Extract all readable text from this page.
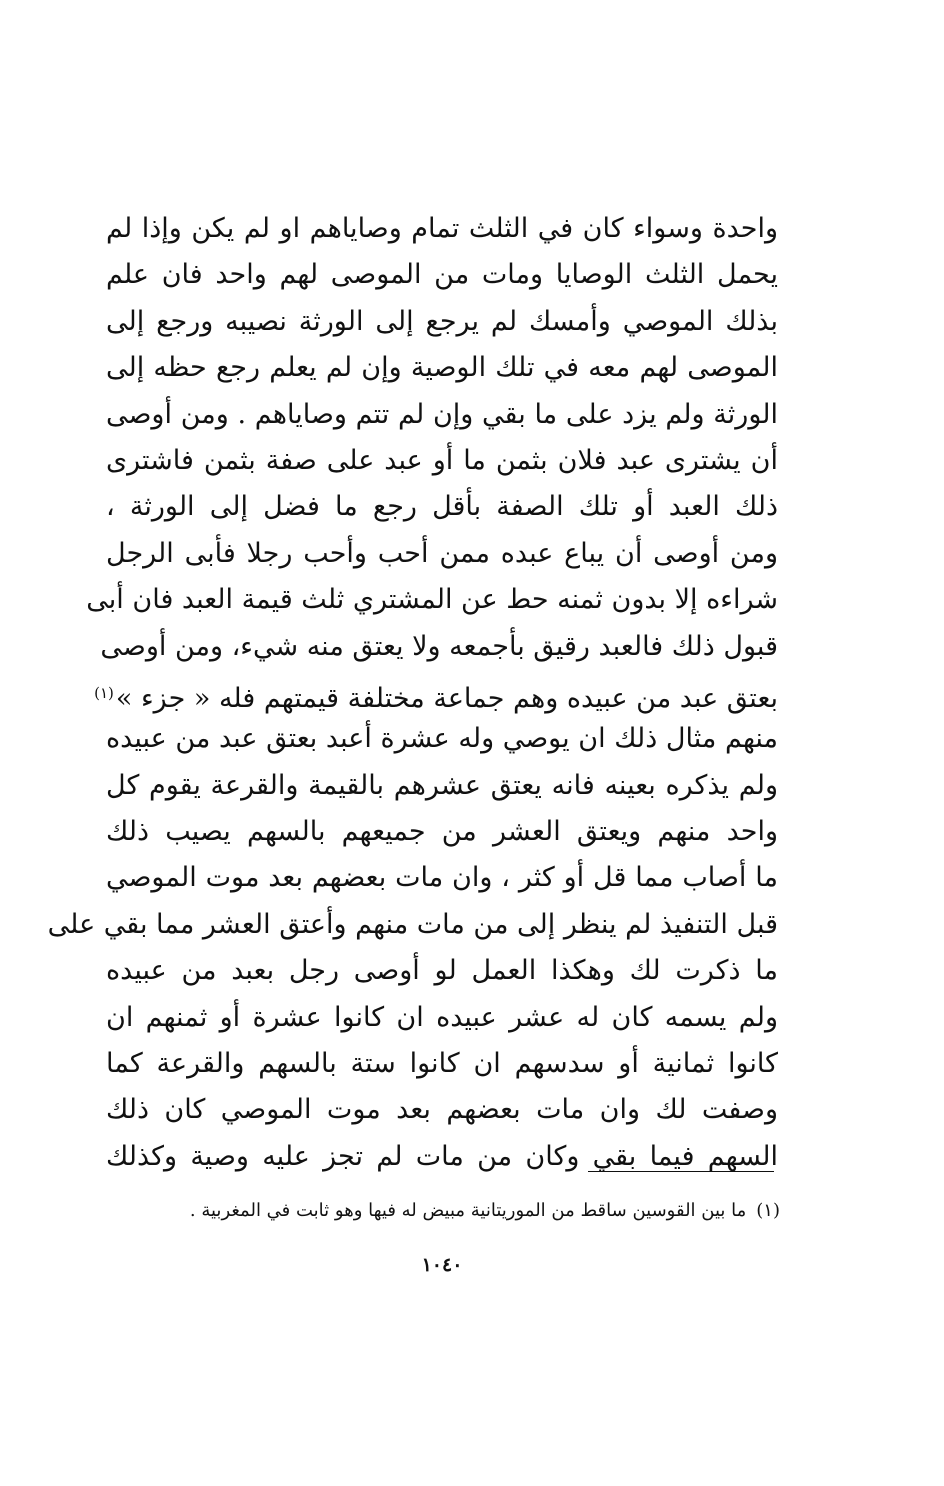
واحدة وسواء كان في الثلث تمام وصاياهم او لم يكن وإذا لم
يحمل الثلث الوصايا ومات من الموصى لهم واحد فان علم
بذلك الموصي وأمسك لم يرجع إلى الورثة نصيبه ورجع إلى
الموصى لهم معه في تلك الوصية وإن لم يعلم رجع حظه إلى
الورثة ولم يزد على ما بقي وإن لم تتم وصاياهم . ومن أوصى
أن يشترى عبد فلان بثمن ما أو عبد على صفة بثمن فاشترى
ذلك العبد أو تلك الصفة بأقل رجع ما فضل إلى الورثة ،
ومن أوصى أن يباع عبده ممن أحب وأحب رجلا فأبى الرجل
شراءه إلا بدون ثمنه حط عن المشتري ثلث قيمة العبد فان أبى
قبول ذلك فالعبد رقيق بأجمعه ولا يعتق منه شيء، ومن أوصى
بعتق عبد من عبيده وهم جماعة مختلفة قيمتهم فله « جزء »$^{(١)}$
منهم مثال ذلك ان يوصي وله عشرة أعبد بعتق عبد من عبيده
ولم يذكره بعينه فانه يعتق عشرهم بالقيمة والقرعة يقوم كل
واحد منهم ويعتق العشر من جميعهم بالسهم يصيب ذلك
ما أصاب مما قل أو كثر ، وان مات بعضهم بعد موت الموصي
قبل التنفيذ لم ينظر إلى من مات منهم وأعتق العشر مما بقي على
ما ذكرت لك وهكذا العمل لو أوصى رجل بعبد من عبيده
ولم يسمه كان له عشر عبيده ان كانوا عشرة أو ثمنهم ان
كانوا ثمانية أو سدسهم ان كانوا ستة بالسهم والقرعة كما
وصفت لك وان مات بعضهم بعد موت الموصي كان ذلك
السهم فيما بقي وكان من مات لم تجز عليه وصية وكذلك
(١)ما بين القوسين ساقط من الموريتانية مبيض له فيها وهو ثابت في المغربية .
١٠٤٠
